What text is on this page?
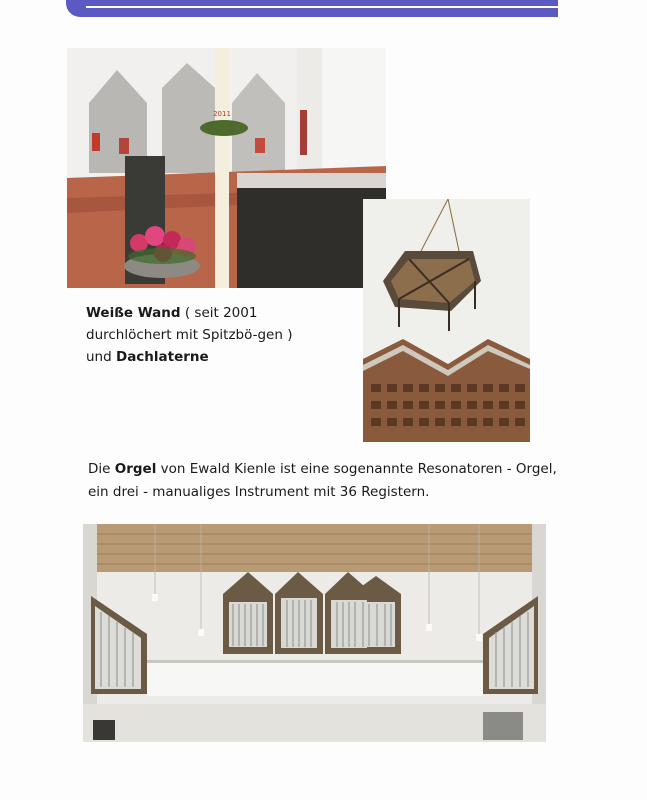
2011
Weiße Wand ( seit 2001 durchlöchert mit Spitzbö-gen ) und Dachlaterne
Die Orgel von Ewald Kienle ist eine sogenannte Resonatoren - Orgel, ein drei - manualiges Instrument mit 36 Registern.
